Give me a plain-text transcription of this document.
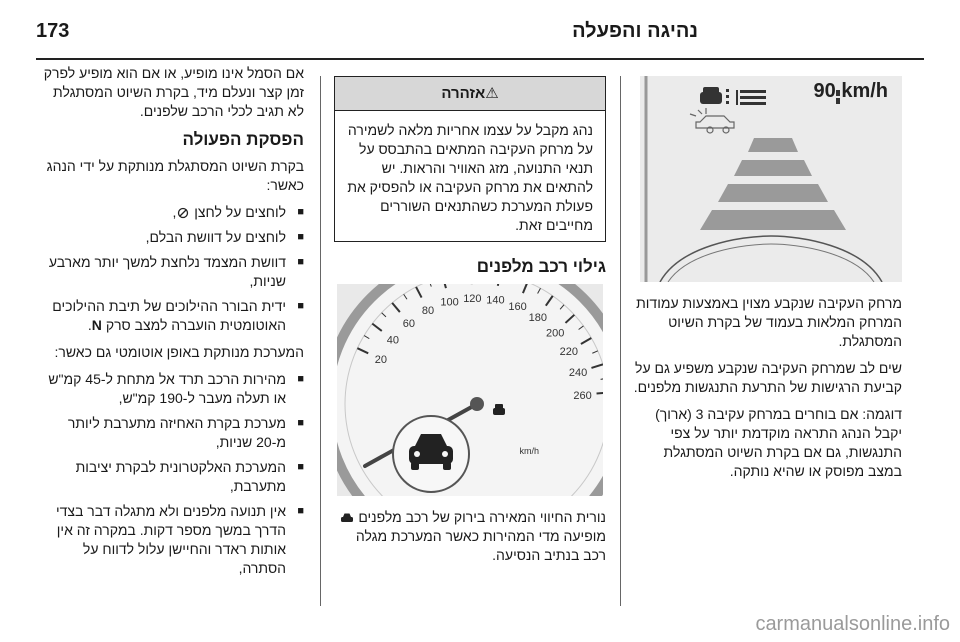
173	נהיגה והפעלה
90 km/h

מרחק העקיבה שנקבע מצוין באמצעות עמודות המרחק המלאות בעמוד של בקרת השיוט המסתגלת.

שים לב שמרחק העקיבה שנקבע משפיע גם על קביעת הרגישות של התרעת התנגשות מלפנים.

דוגמה: אם בוחרים במרחק עקיבה 3 (ארוך) יקבל הנהג התראה מוקדמת יותר על צפי התנגשות, גם אם בקרת השיוט המסתגלת במצב מפוסק או שהיא נותקה.

⚠אזהרה

נהג מקבל על עצמו אחריות מלאה לשמירה על מרחק העקיבה המתאים בהתבסס על תנאי התנועה, מזג האוויר והראות. יש להתאים את מרחק העקיבה או להפסיק את פעולת המערכת כשהתנאים השוררים מחייבים זאת.

גילוי רכב מלפנים
20
40
60
80
100 120 140
160
180
200
220
240
260
km/h

נורית החיווי המאירה בירוק של רכב מלפנים  מופיעה מדי המהירות כאשר המערכת מגלה רכב בנתיב הנסיעה.

אם הסמל אינו מופיע, או אם הוא מופיע לפרק זמן קצר ונעלם מיד, בקרת השיוט המסתגלת לא תגיב לכלי הרכב שלפנים.

הפסקת הפעולה

בקרת השיוט המסתגלת מנותקת על ידי הנהג כאשר:

■ לוחצים על לחצן ,
■ לוחצים על דוושת הבלם,
■ דוושת המצמד נלחצת למשך יותר מארבע שניות,
■ ידית הבורר ההילוכים של תיבת ההילוכים האוטומטית הועברה למצב סרק N.

המערכת מנותקת באופן אוטומטי גם כאשר:

■ מהירות הרכב תרד אל מתחת ל-45 קמ"ש או תעלה מעבר ל-190 קמ"ש,
■ מערכת בקרת האחיזה מתערבת ליותר מ-20 שניות,
■ המערכת האלקטרונית לבקרת יציבות מתערבת,
■ אין תנועה מלפנים ולא מתגלה דבר בצדי הדרך במשך מספר דקות. במקרה זה אין אותות ראדר והחיישן עלול לדווח על הסתרה,
carmanualsonline.info
